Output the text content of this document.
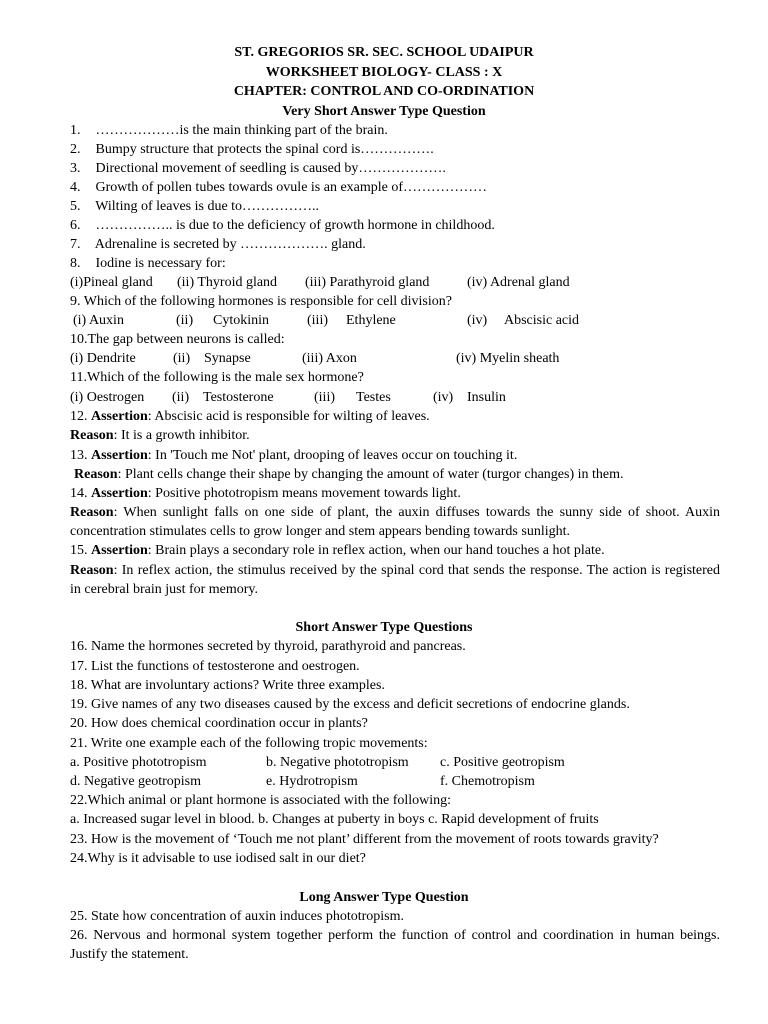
ST. GREGORIOS SR. SEC. SCHOOL UDAIPUR
WORKSHEET BIOLOGY- CLASS : X
CHAPTER: CONTROL AND CO-ORDINATION
Very Short Answer Type Question
1. ………………is the main thinking part of the brain.
2. Bumpy structure that protects the spinal cord is…………….
3. Directional movement of seedling is caused by……………….
4. Growth of pollen tubes towards ovule is an example of………………
5. Wilting of leaves is due to……………..
6. …………….. is due to the deficiency of growth hormone in childhood.
7. Adrenaline is secreted by ………………. gland.
8. Iodine is necessary for:
(i)Pineal gland (ii) Thyroid gland (iii) Parathyroid gland	(iv) Adrenal gland
9. Which of the following hormones is responsible for cell division?
(i) Auxin	(ii) Cytokinin	(iii) Ethylene	(iv) Abscisic acid
10.The gap between neurons is called:
(i) Dendrite	(ii) Synapse	(iii) Axon	(iv) Myelin sheath
11.Which of the following is the male sex hormone?
(i) Oestrogen (ii) Testosterone	(iii) Testes	(iv) Insulin
12. Assertion: Abscisic acid is responsible for wilting of leaves.
Reason: It is a growth inhibitor.
13. Assertion: In 'Touch me Not' plant, drooping of leaves occur on touching it.
Reason: Plant cells change their shape by changing the amount of water (turgor changes) in them.
14. Assertion: Positive phototropism means movement towards light.
Reason: When sunlight falls on one side of plant, the auxin diffuses towards the sunny side of shoot. Auxin concentration stimulates cells to grow longer and stem appears bending towards sunlight.
15. Assertion: Brain plays a secondary role in reflex action, when our hand touches a hot plate.
Reason: In reflex action, the stimulus received by the spinal cord that sends the response. The action is registered in cerebral brain just for memory.
Short Answer Type Questions
16. Name the hormones secreted by thyroid, parathyroid and pancreas.
17. List the functions of testosterone and oestrogen.
18. What are involuntary actions? Write three examples.
19. Give names of any two diseases caused by the excess and deficit secretions of endocrine glands.
20. How does chemical coordination occur in plants?
21. Write one example each of the following tropic movements:
a. Positive phototropism	b. Negative phototropism c. Positive geotropism
d. Negative geotropism	e. Hydrotropism	f. Chemotropism
22.Which animal or plant hormone is associated with the following:
a. Increased sugar level in blood. b. Changes at puberty in boys c. Rapid development of fruits
23. How is the movement of ‘Touch me not plant’ different from the movement of roots towards gravity?
24.Why is it advisable to use iodised salt in our diet?
Long Answer Type Question
25. State how concentration of auxin induces phototropism.
26. Nervous and hormonal system together perform the function of control and coordination in human beings. Justify the statement.
